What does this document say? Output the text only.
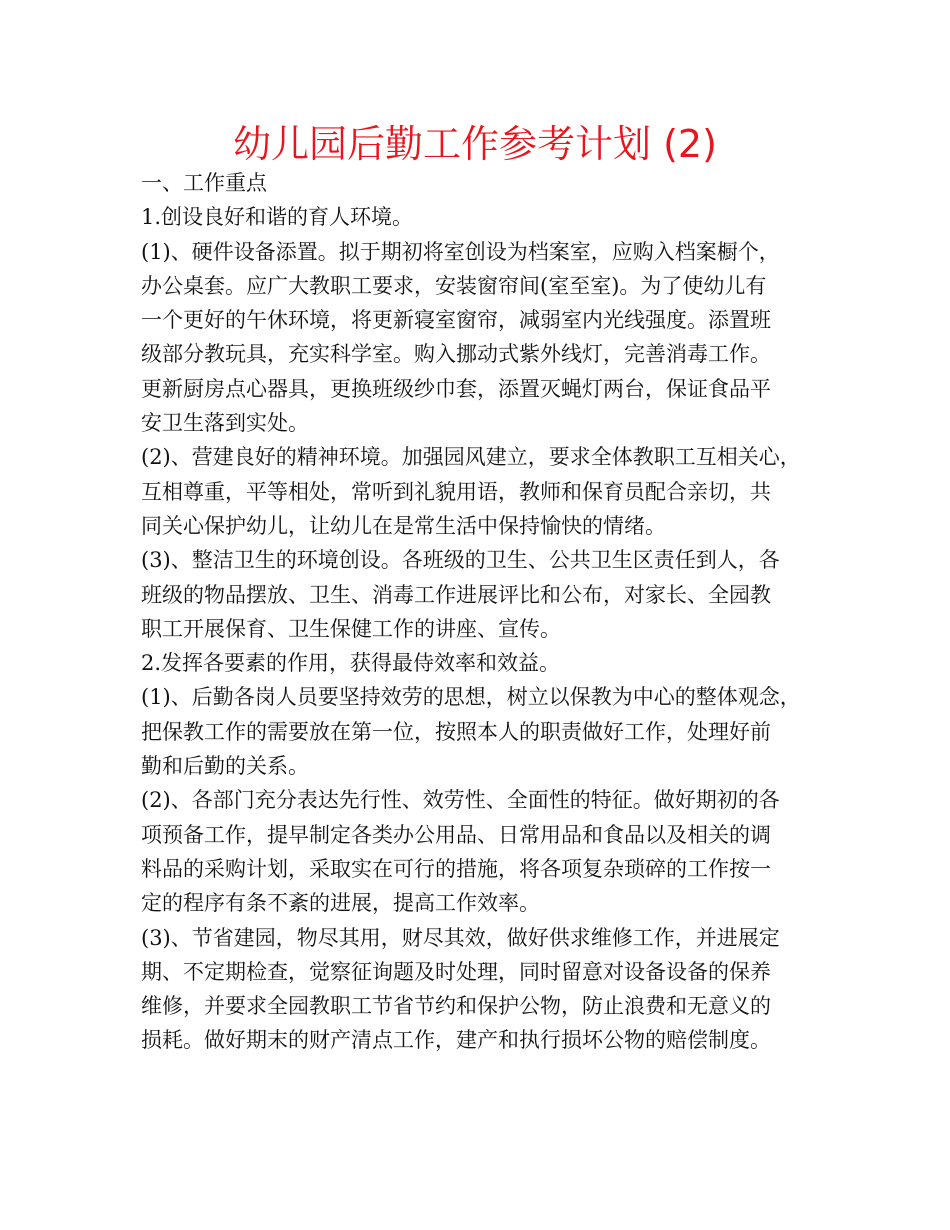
幼儿园后勤工作参考计划 (2)
一、工作重点
1.创设良好和谐的育人环境。
(1)、硬件设备添置。拟于期初将室创设为档案室，应购入档案橱个，
办公桌套。应广大教职工要求，安装窗帘间(室至室)。为了使幼儿有
一个更好的午休环境，将更新寝室窗帘，减弱室内光线强度。添置班
级部分教玩具，充实科学室。购入挪动式紫外线灯，完善消毒工作。
更新厨房点心器具，更换班级纱巾套，添置灭蝇灯两台，保证食品平
安卫生落到实处。
(2)、营建良好的精神环境。加强园风建立，要求全体教职工互相关心，
互相尊重，平等相处，常听到礼貌用语，教师和保育员配合亲切，共
同关心保护幼儿，让幼儿在是常生活中保持愉快的情绪。
(3)、整洁卫生的环境创设。各班级的卫生、公共卫生区责任到人，各
班级的物品摆放、卫生、消毒工作进展评比和公布，对家长、全园教
职工开展保育、卫生保健工作的讲座、宣传。
2.发挥各要素的作用，获得最侍效率和效益。
(1)、后勤各岗人员要坚持效劳的思想，树立以保教为中心的整体观念，
把保教工作的需要放在第一位，按照本人的职责做好工作，处理好前
勤和后勤的关系。
(2)、各部门充分表达先行性、效劳性、全面性的特征。做好期初的各
项预备工作，提早制定各类办公用品、日常用品和食品以及相关的调
料品的采购计划，采取实在可行的措施，将各项复杂琐碎的工作按一
定的程序有条不紊的进展，提高工作效率。
(3)、节省建园，物尽其用，财尽其效，做好供求维修工作，并进展定
期、不定期检查，觉察征询题及时处理，同时留意对设备设备的保养
维修，并要求全园教职工节省节约和保护公物，防止浪费和无意义的
损耗。做好期末的财产清点工作，建产和执行损坏公物的赔偿制度。
